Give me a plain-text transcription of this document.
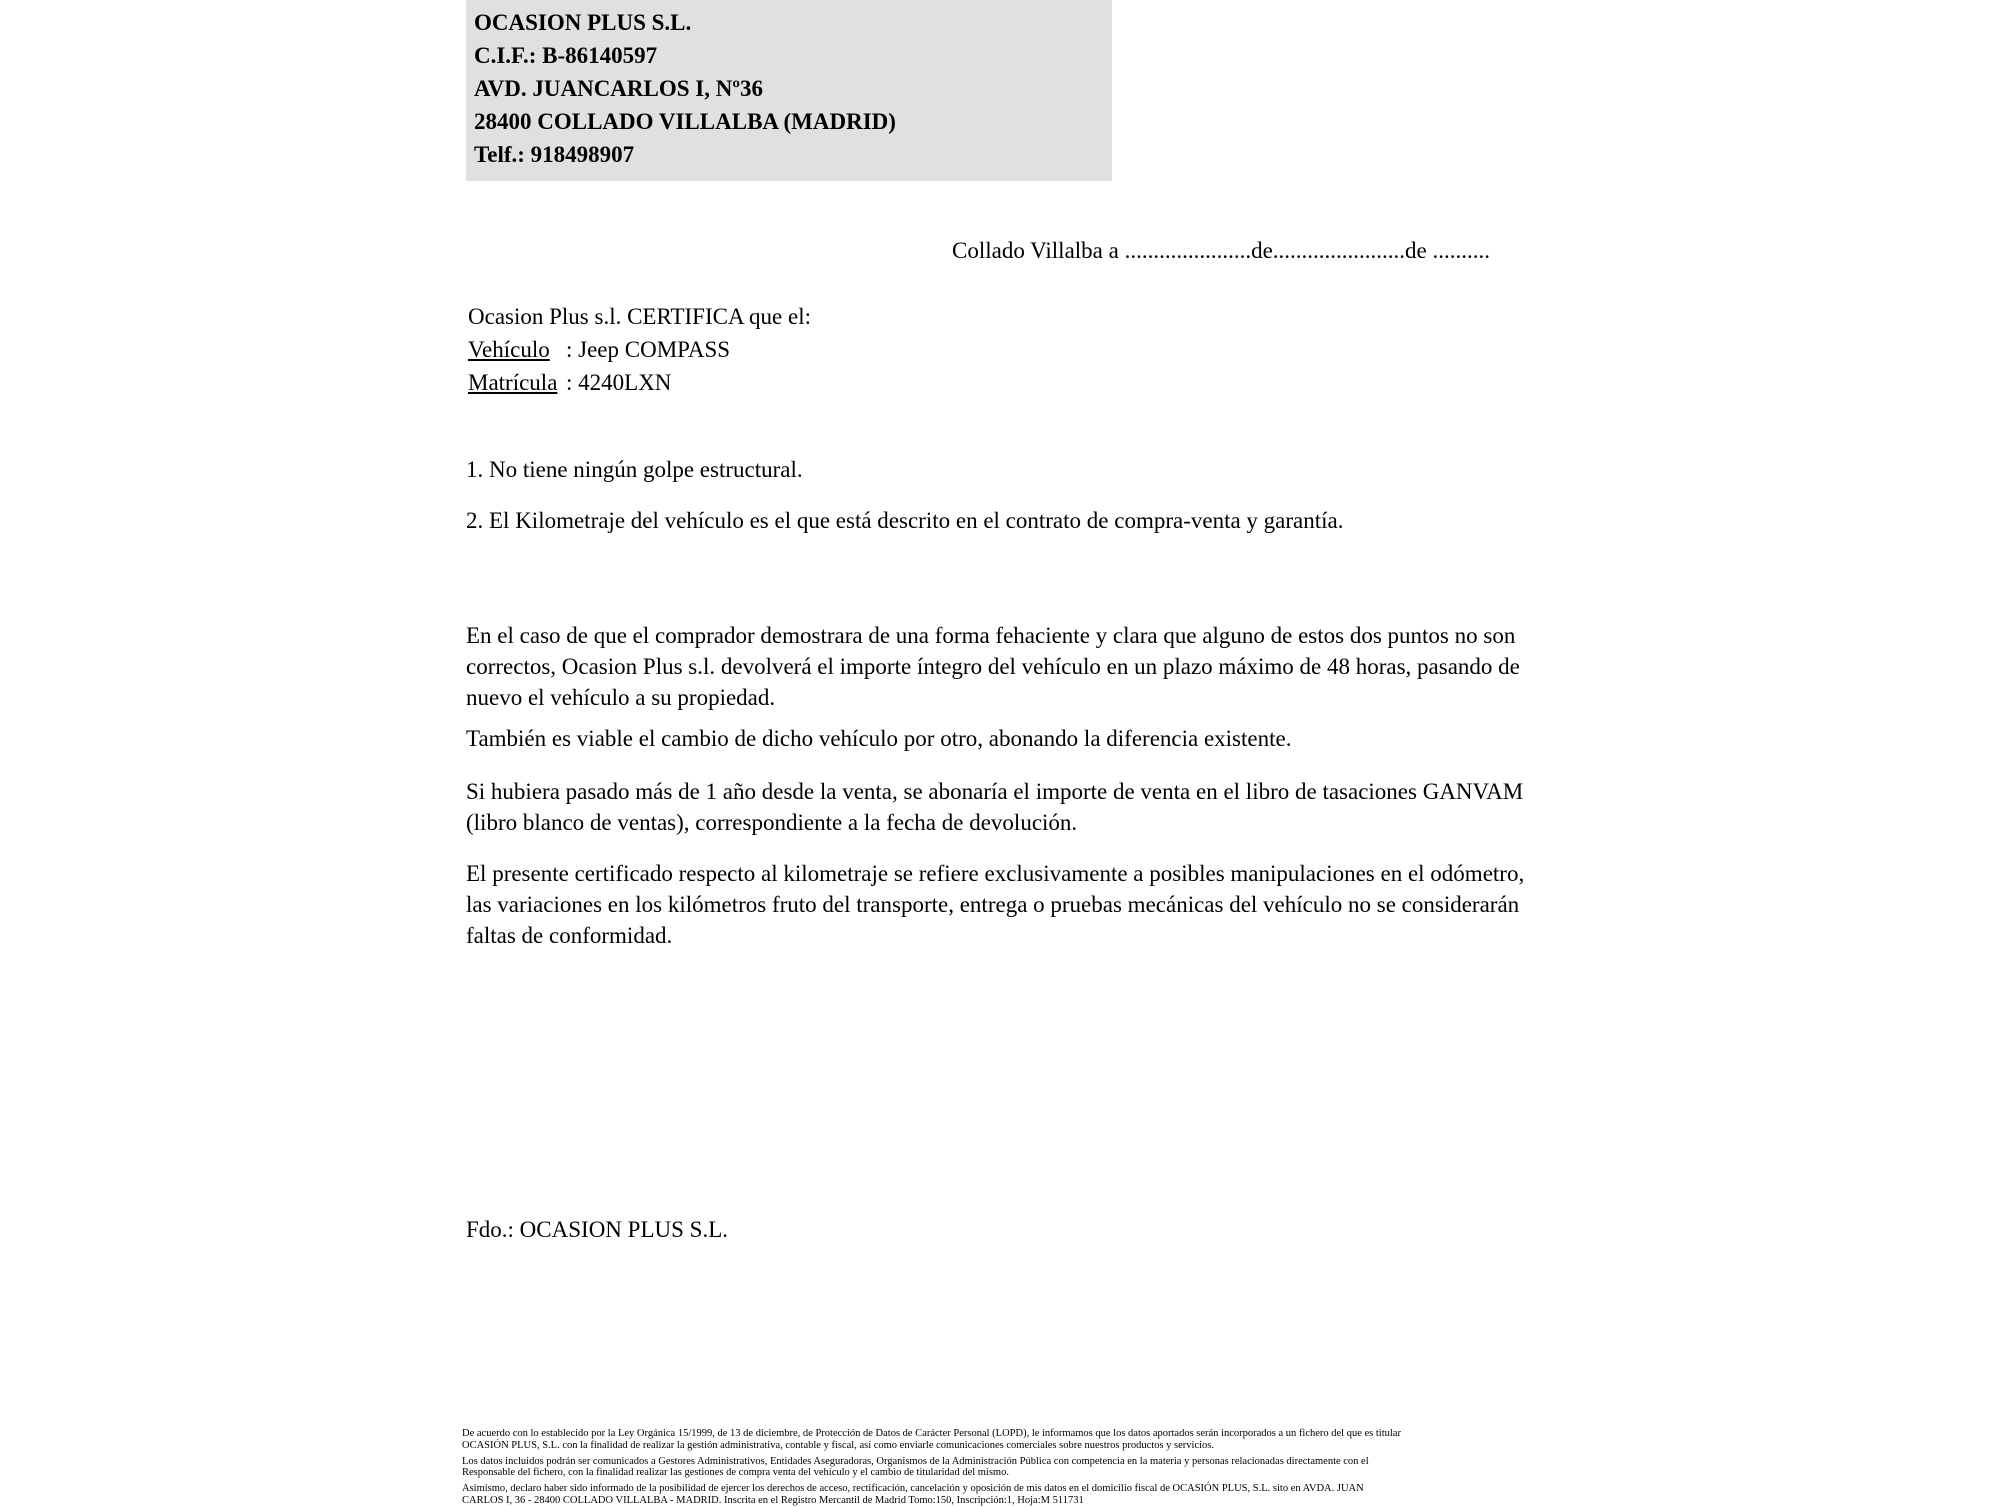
OCASION PLUS S.L.
C.I.F.: B-86140597
AVD. JUANCARLOS I, Nº36
28400 COLLADO VILLALBA (MADRID)
Telf.: 918498907
Collado Villalba a ......................de.......................de ..........
Ocasion Plus s.l. CERTIFICA que el:
Vehículo : Jeep COMPASS
Matrícula : 4240LXN
1. No tiene ningún golpe estructural.
2. El Kilometraje del vehículo es el que está descrito en el contrato de compra-venta y garantía.
En el caso de que el comprador demostrara de una forma fehaciente y clara que alguno de estos dos puntos no son correctos, Ocasion Plus s.l. devolverá el importe íntegro del vehículo en un plazo máximo de 48 horas, pasando de nuevo el vehículo a su propiedad.
También es viable el cambio de dicho vehículo por otro, abonando la diferencia existente.
Si hubiera pasado más de 1 año desde la venta, se abonaría el importe de venta en el libro de tasaciones GANVAM (libro blanco de ventas), correspondiente a la fecha de devolución.
El presente certificado respecto al kilometraje se refiere exclusivamente a posibles manipulaciones en el odómetro, las variaciones en los kilómetros fruto del transporte, entrega o pruebas mecánicas del vehículo no se considerarán faltas de conformidad.
Fdo.: OCASION PLUS S.L.

De acuerdo con lo establecido por la Ley Orgánica 15/1999, de 13 de diciembre, de Protección de Datos de Carácter Personal (LOPD), le informamos que los datos aportados serán incorporados a un fichero del que es titular

OCASIÓN PLUS, S.L. con la finalidad de realizar la gestión administrativa, contable y fiscal, así como enviarle comunicaciones comerciales sobre nuestros productos y servicios.

Los datos incluidos podrán ser comunicados a Gestores Administrativos, Entidades Aseguradoras, Organismos de la Administración Pública con competencia en la materia y personas relacionadas directamente con el

Responsable del fichero, con la finalidad realizar las gestiones de compra venta del vehículo y el cambio de titularidad del mismo.

Asimismo, declaro haber sido informado de la posibilidad de ejercer los derechos de acceso, rectificación, cancelación y oposición de mis datos en el domicilio fiscal de OCASIÓN PLUS, S.L. sito en AVDA. JUAN

CARLOS I, 36 - 28400 COLLADO VILLALBA - MADRID. Inscrita en el Registro Mercantil de Madrid Tomo:150, Inscripción:1, Hoja:M 511731
